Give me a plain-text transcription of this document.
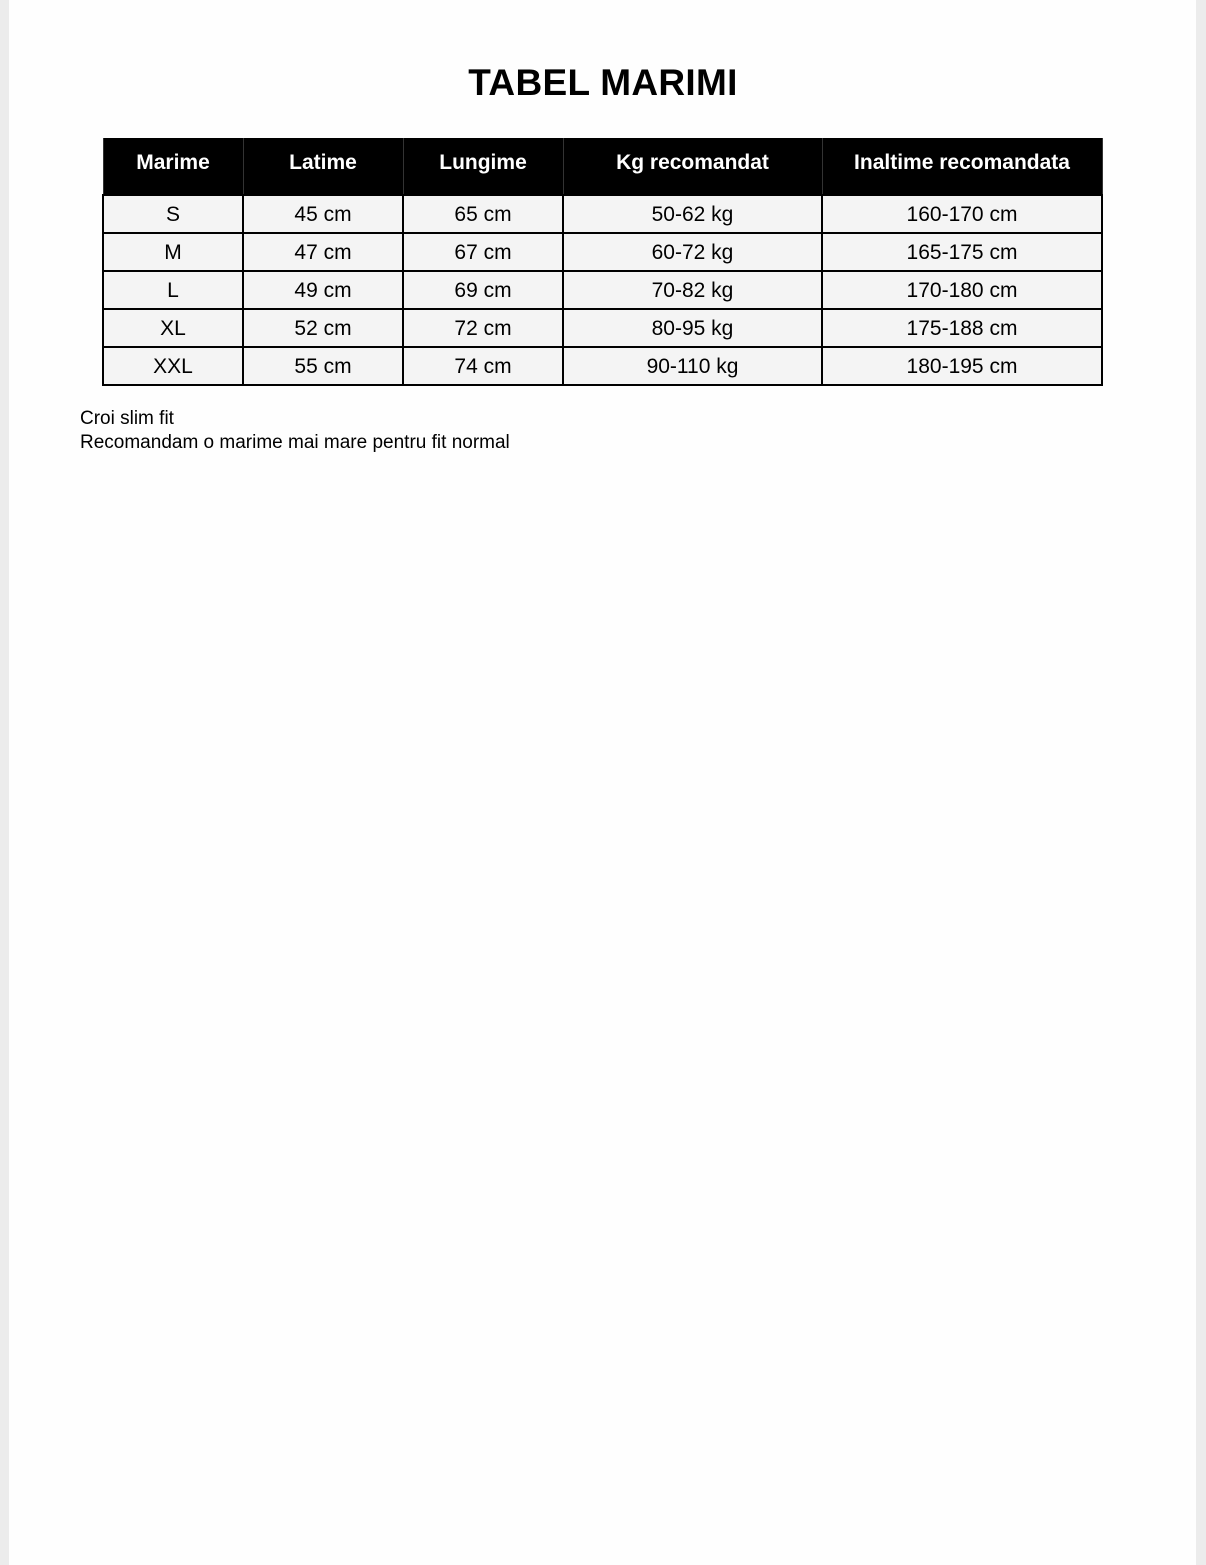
TABEL MARIMI
Marime	Latime	Lungime	Kg recomandat	Inaltime recomandata
S	45 cm	65 cm	50-62 kg	160-170 cm
M	47 cm	67 cm	60-72 kg	165-175 cm
L	49 cm	69 cm	70-82 kg	170-180 cm
XL	52 cm	72 cm	80-95 kg	175-188 cm
XXL	55 cm	74 cm	90-110 kg	180-195 cm
Croi slim fit
Recomandam o marime mai mare pentru fit normal
